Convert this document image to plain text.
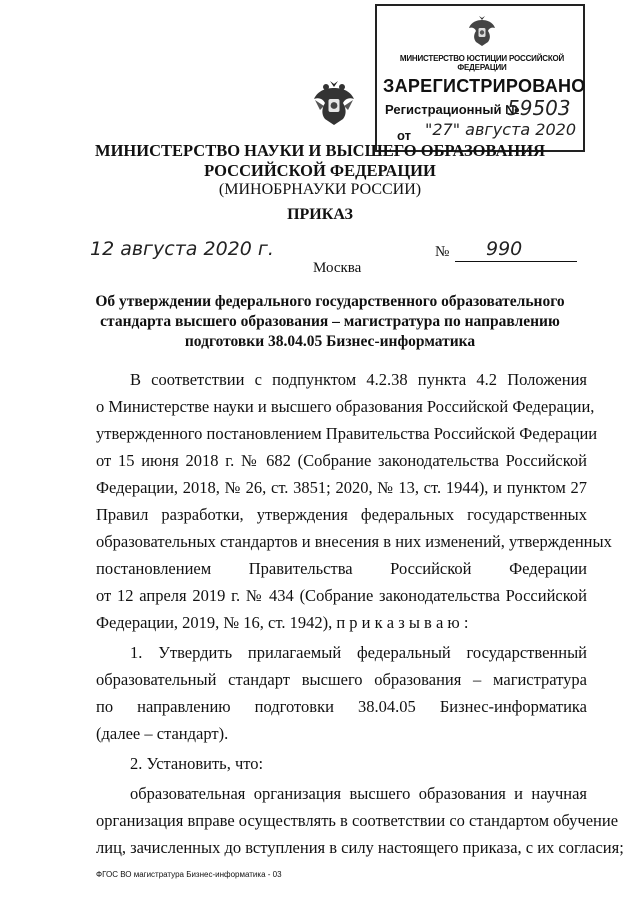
МИНИСТЕРСТВО ЮСТИЦИИ РОССИЙСКОЙ ФЕДЕРАЦИИ
ЗАРЕГИСТРИРОВАНО
Регистрационный №
59503
от "27" августа 2020
МИНИСТЕРСТВО НАУКИ И ВЫСШЕГО ОБРАЗОВАНИЯ
РОССИЙСКОЙ ФЕДЕРАЦИИ
(МИНОБРНАУКИ РОССИИ)
ПРИКАЗ
12 августа 2020 г.	№ 990
Москва
Об утверждении федерального государственного образовательного
стандарта высшего образования – магистратура по направлению
подготовки 38.04.05 Бизнес-информатика
В соответствии с подпунктом 4.2.38 пункта 4.2 Положения
о Министерстве науки и высшего образования Российской Федерации,
утвержденного постановлением Правительства Российской Федерации
от 15 июня 2018 г. № 682 (Собрание законодательства Российской
Федерации, 2018, № 26, ст. 3851; 2020, № 13, ст. 1944), и пунктом 27
Правил разработки, утверждения федеральных государственных
образовательных стандартов и внесения в них изменений, утвержденных
постановлением Правительства Российской Федерации
от 12 апреля 2019 г. № 434 (Собрание законодательства Российской
Федерации, 2019, № 16, ст. 1942), п р и к а з ы в а ю :
1. Утвердить прилагаемый федеральный государственный
образовательный стандарт высшего образования – магистратура
по направлению подготовки 38.04.05 Бизнес-информатика
(далее – стандарт).
2. Установить, что:
образовательная организация высшего образования и научная
организация вправе осуществлять в соответствии со стандартом обучение
лиц, зачисленных до вступления в силу настоящего приказа, с их согласия;
ФГОС ВО магистратура Бизнес-информатика - 03
